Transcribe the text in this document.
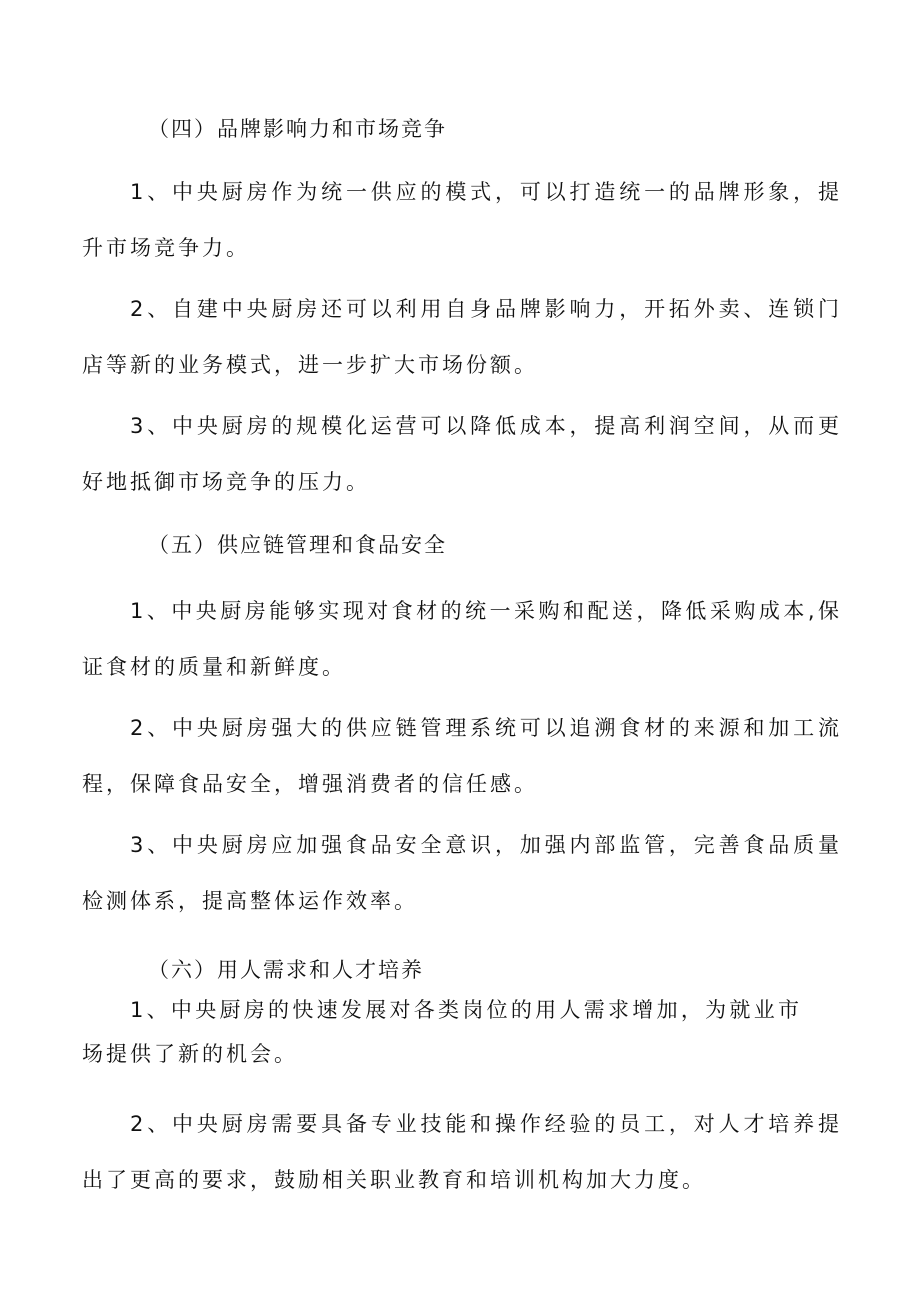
（四）品牌影响力和市场竞争

1、中央厨房作为统一供应的模式，可以打造统一的品牌形象，提升市场竞争力。

2、自建中央厨房还可以利用自身品牌影响力，开拓外卖、连锁门店等新的业务模式，进一步扩大市场份额。

3、中央厨房的规模化运营可以降低成本，提高利润空间，从而更好地抵御市场竞争的压力。

（五）供应链管理和食品安全

1、中央厨房能够实现对食材的统一采购和配送，降低采购成本,保证食材的质量和新鲜度。

2、中央厨房强大的供应链管理系统可以追溯食材的来源和加工流程，保障食品安全，增强消费者的信任感。

3、中央厨房应加强食品安全意识，加强内部监管，完善食品质量检测体系，提高整体运作效率。

（六）用人需求和人才培养

1、中央厨房的快速发展对各类岗位的用人需求增加，为就业市场提供了新的机会。

2、中央厨房需要具备专业技能和操作经验的员工，对人才培养提出了更高的要求，鼓励相关职业教育和培训机构加大力度。
